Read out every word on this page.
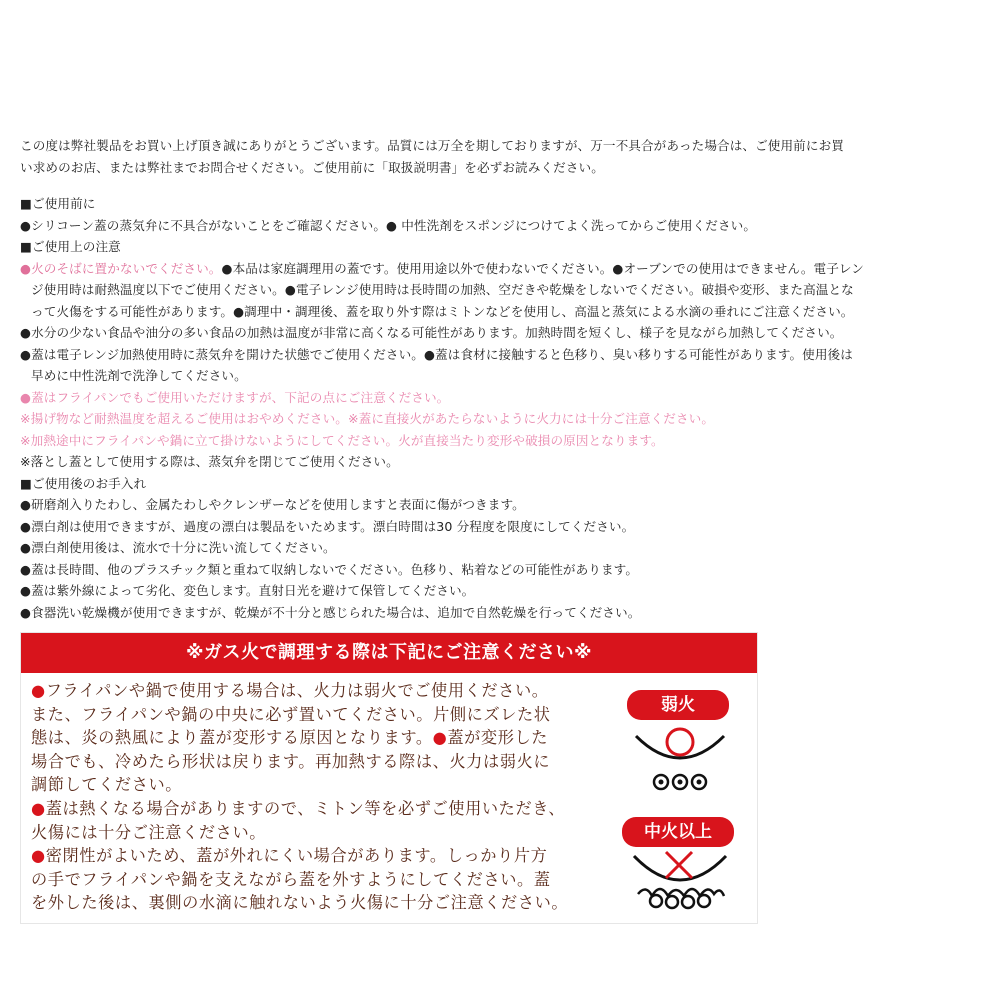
この度は弊社製品をお買い上げ頂き誠にありがとうございます。品質には万全を期しておりますが、万一不具合があった場合は、ご使用前にお買
い求めのお店、または弊社までお問合せください。ご使用前に「取扱説明書」を必ずお読みください。
■ご使用前に
●シリコーン蓋の蒸気弁に不具合がないことをご確認ください。● 中性洗剤をスポンジにつけてよく洗ってからご使用ください。
■ご使用上の注意
●火のそばに置かないでください。●本品は家庭調理用の蓋です。使用用途以外で使わないでください。●オーブンでの使用はできません。電子レン
ジ使用時は耐熱温度以下でご使用ください。●電子レンジ使用時は長時間の加熱、空だきや乾燥をしないでください。破損や変形、また高温とな
って火傷をする可能性があります。●調理中・調理後、蓋を取り外す際はミトンなどを使用し、高温と蒸気による水滴の垂れにご注意ください。
●水分の少ない食品や油分の多い食品の加熱は温度が非常に高くなる可能性があります。加熱時間を短くし、様子を見ながら加熱してください。
●蓋は電子レンジ加熱使用時に蒸気弁を開けた状態でご使用ください。●蓋は食材に接触すると色移り、臭い移りする可能性があります。使用後は
早めに中性洗剤で洗浄してください。
●蓋はフライパンでもご使用いただけますが、下記の点にご注意ください。
※揚げ物など耐熱温度を超えるご使用はおやめください。※蓋に直接火があたらないように火力には十分ご注意ください。
※加熱途中にフライパンや鍋に立て掛けないようにしてください。火が直接当たり変形や破損の原因となります。
※落とし蓋として使用する際は、蒸気弁を閉じてご使用ください。
■ご使用後のお手入れ
●研磨剤入りたわし、金属たわしやクレンザーなどを使用しますと表面に傷がつきます。
●漂白剤は使用できますが、過度の漂白は製品をいためます。漂白時間は30 分程度を限度にしてください。
●漂白剤使用後は、流水で十分に洗い流してください。
●蓋は長時間、他のプラスチック類と重ねて収納しないでください。色移り、粘着などの可能性があります。
●蓋は紫外線によって劣化、変色します。直射日光を避けて保管してください。
●食器洗い乾燥機が使用できますが、乾燥が不十分と感じられた場合は、追加で自然乾燥を行ってください。
※ガス火で調理する際は下記にご注意ください※
●フライパンや鍋で使用する場合は、火力は弱火でご使用ください。
また、フライパンや鍋の中央に必ず置いてください。片側にズレた状
態は、炎の熱風により蓋が変形する原因となります。●蓋が変形した
場合でも、冷めたら形状は戻ります。再加熱する際は、火力は弱火に
調節してください。
●蓋は熱くなる場合がありますので、ミトン等を必ずご使用いただき、
火傷には十分ご注意ください。
●密閉性がよいため、蓋が外れにくい場合があります。しっかり片方
の手でフライパンや鍋を支えながら蓋を外すようにしてください。蓋
を外した後は、裏側の水滴に触れないよう火傷に十分ご注意ください。
弱火
中火以上
